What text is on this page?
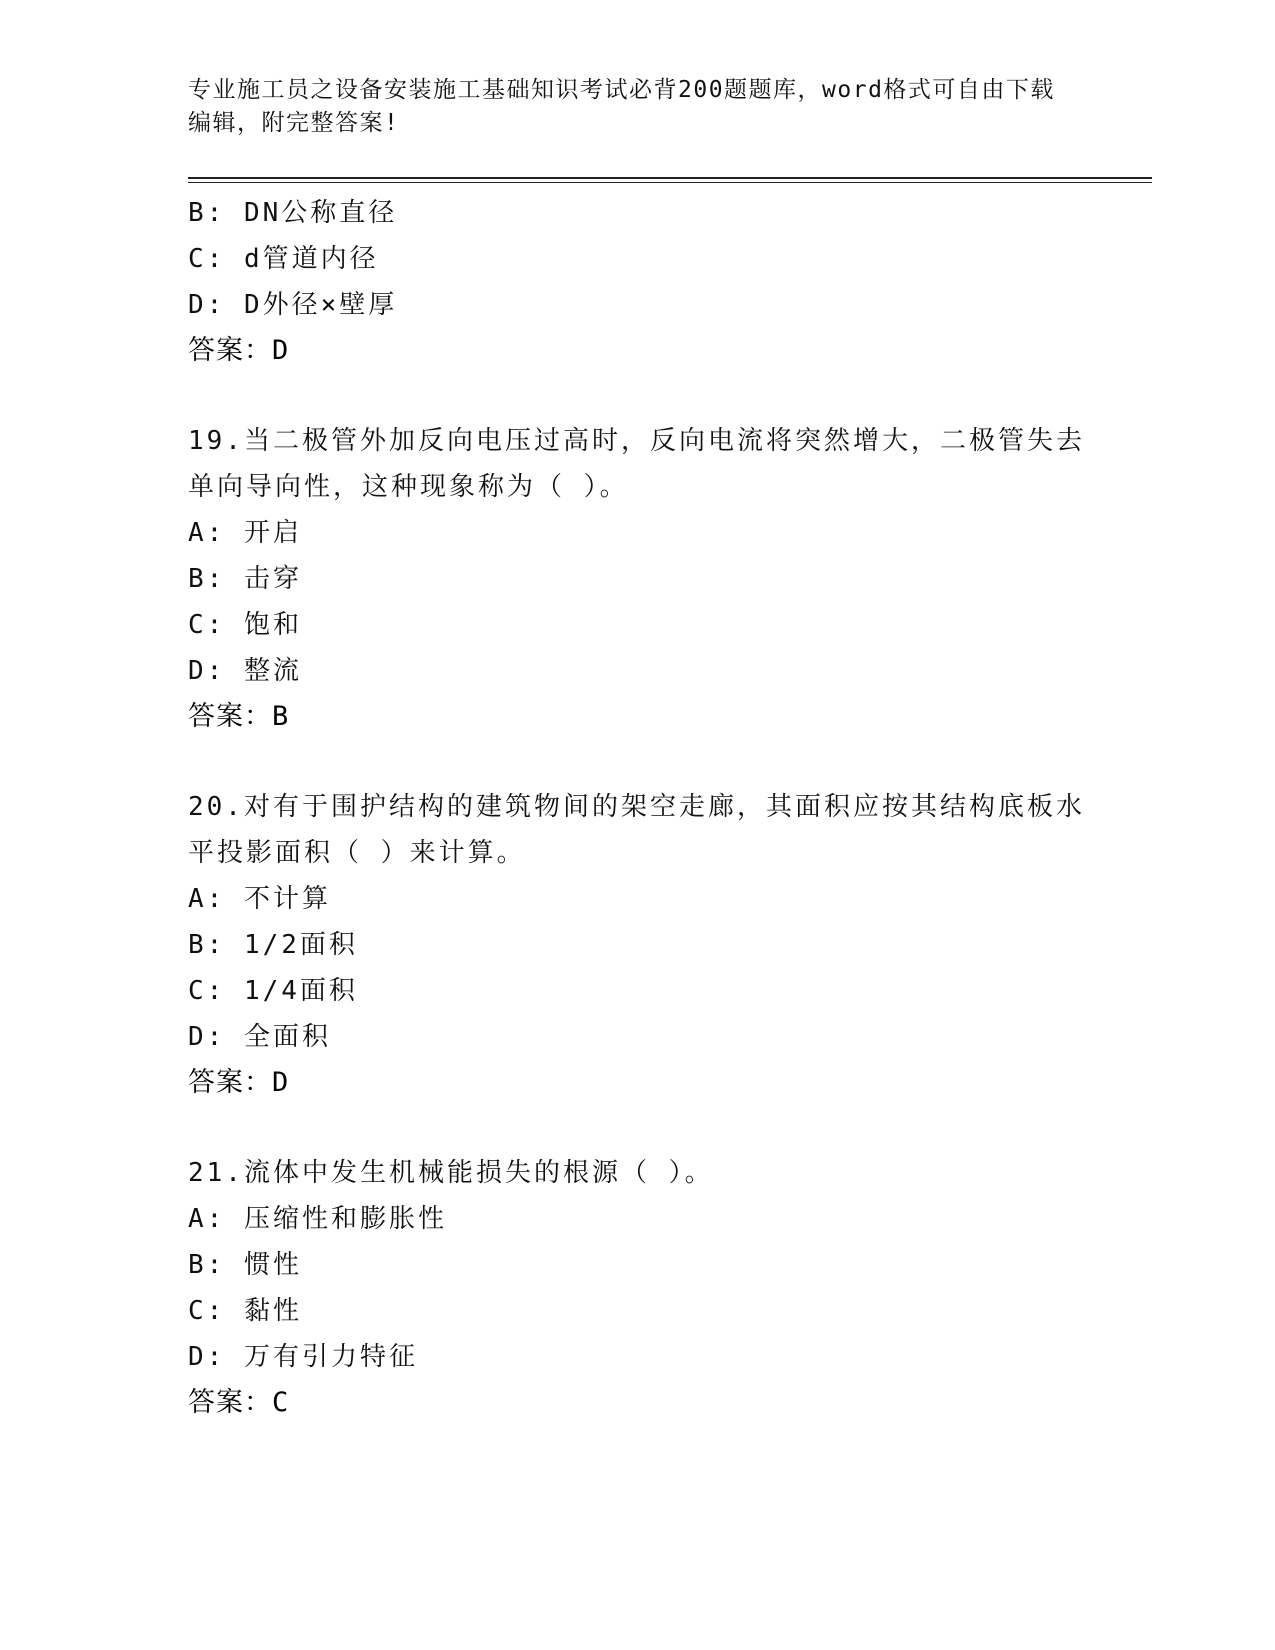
专业施工员之设备安装施工基础知识考试必背200题题库，word格式可自由下载
编辑，附完整答案!
B: DN公称直径
C: d管道内径
D: D外径×壁厚
答案：D
19.当二极管外加反向电压过高时，反向电流将突然增大，二极管失去
单向导向性，这种现象称为（ ）。
A: 开启
B: 击穿
C: 饱和
D: 整流
答案：B
20.对有于围护结构的建筑物间的架空走廊，其面积应按其结构底板水
平投影面积（ ）来计算。
A: 不计算
B: 1/2面积
C: 1/4面积
D: 全面积
答案：D
21.流体中发生机械能损失的根源（ ）。
A: 压缩性和膨胀性
B: 惯性
C: 黏性
D: 万有引力特征
答案：C
